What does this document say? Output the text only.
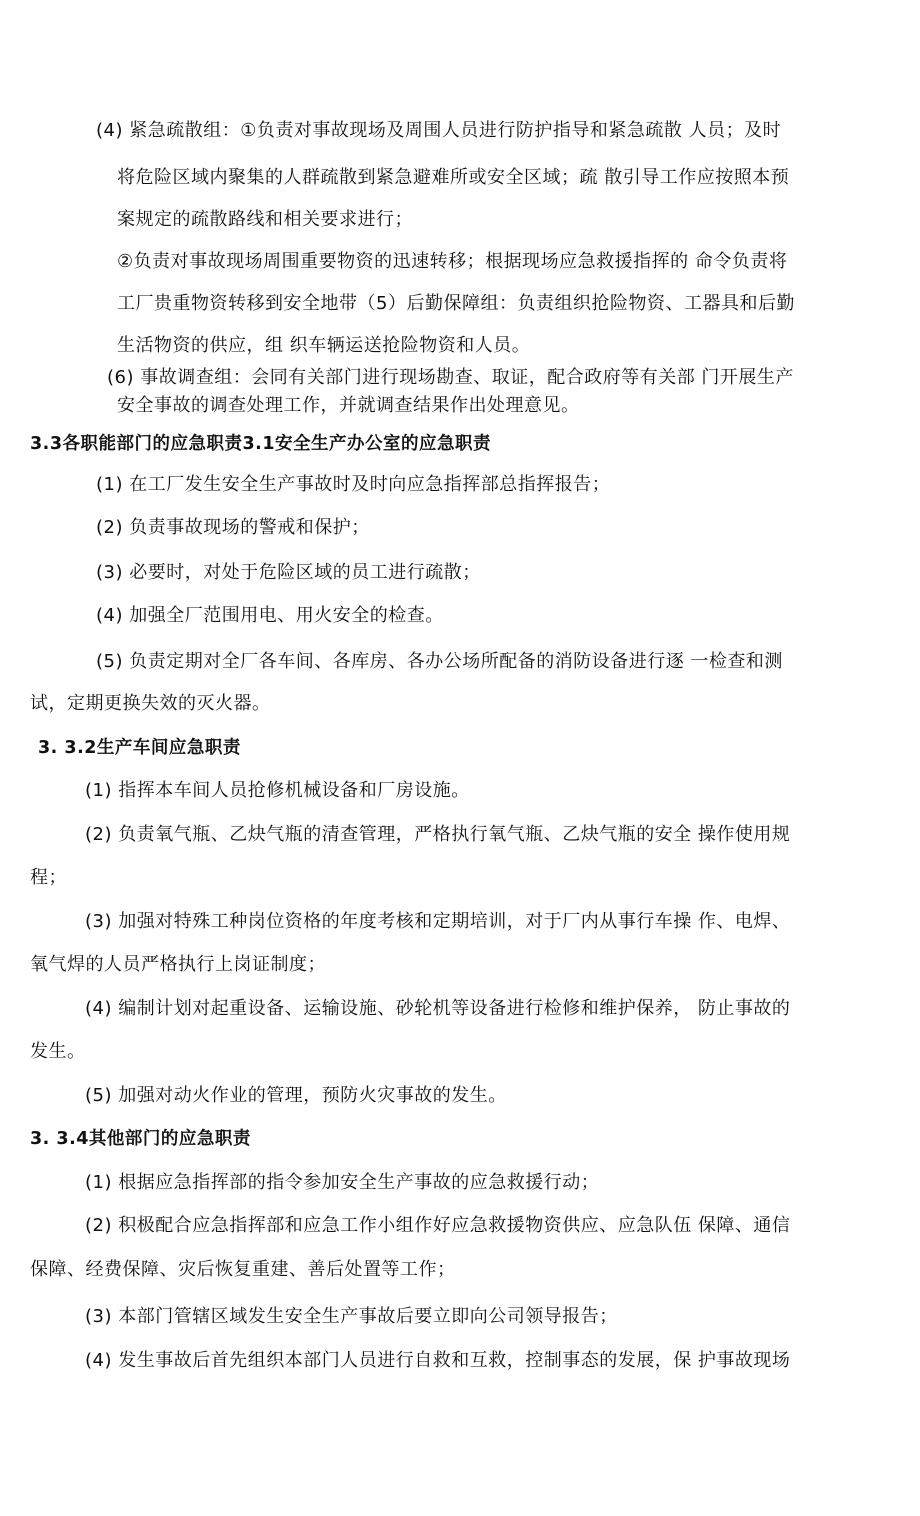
(4) 紧急疏散组：①负责对事故现场及周围人员进行防护指导和紧急疏散 人员；及时
将危险区域内聚集的人群疏散到紧急避难所或安全区域；疏 散引导工作应按照本预
案规定的疏散路线和相关要求进行；
②负责对事故现场周围重要物资的迅速转移；根据现场应急救援指挥的 命令负责将
工厂贵重物资转移到安全地带（5）后勤保障组：负责组织抢险物资、工器具和后勤
生活物资的供应，组 织车辆运送抢险物资和人员。
(6) 事故调查组：会同有关部门进行现场勘查、取证，配合政府等有关部 门开展生产
安全事故的调查处理工作，并就调查结果作出处理意见。
3.3各职能部门的应急职责3.1安全生产办公室的应急职责
(1) 在工厂发生安全生产事故时及时向应急指挥部总指挥报告；
(2) 负责事故现场的警戒和保护；
(3) 必要时，对处于危险区域的员工进行疏散；
(4) 加强全厂范围用电、用火安全的检查。
(5) 负责定期对全厂各车间、各库房、各办公场所配备的消防设备进行逐 一检查和测
试，定期更换失效的灭火器。
3. 3.2生产车间应急职责
(1) 指挥本车间人员抢修机械设备和厂房设施。
(2) 负责氧气瓶、乙炔气瓶的清查管理，严格执行氧气瓶、乙炔气瓶的安全 操作使用规
程；
(3) 加强对特殊工种岗位资格的年度考核和定期培训，对于厂内从事行车操 作、电焊、
氧气焊的人员严格执行上岗证制度；
(4) 编制计划对起重设备、运输设施、砂轮机等设备进行检修和维护保养， 防止事故的
发生。
(5) 加强对动火作业的管理，预防火灾事故的发生。
3. 3.4其他部门的应急职责
(1) 根据应急指挥部的指令参加安全生产事故的应急救援行动；
(2) 积极配合应急指挥部和应急工作小组作好应急救援物资供应、应急队伍 保障、通信
保障、经费保障、灾后恢复重建、善后处置等工作；
(3) 本部门管辖区域发生安全生产事故后要立即向公司领导报告；
(4) 发生事故后首先组织本部门人员进行自救和互救，控制事态的发展，保 护事故现场
